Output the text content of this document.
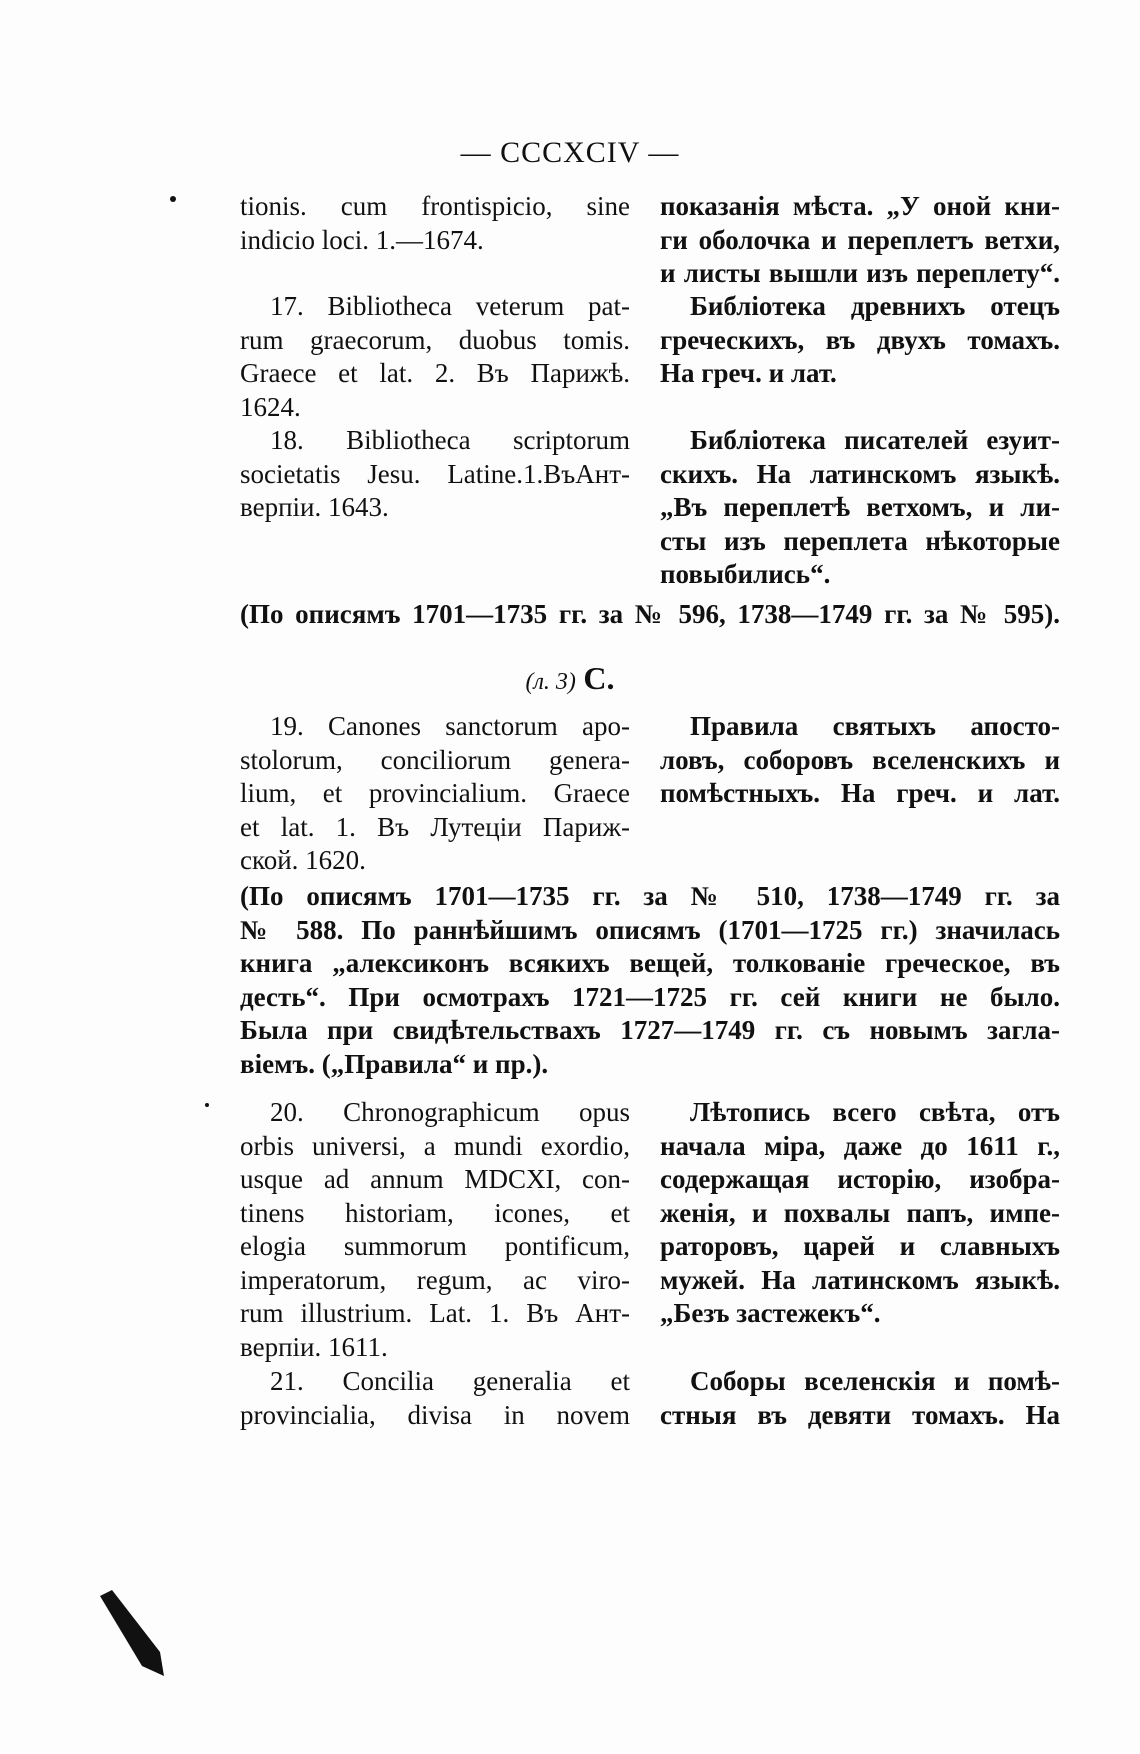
— CCCXCIV —
tionis. cum frontispicio, sine
indicio loci. 1.—1674.
показанія мѣста. „У оной кни-
ги оболочка и переплетъ ветхи,
и листы вышли изъ переплету“.
17. Bibliotheca veterum pat-
rum graecorum, duobus tomis.
Graece et lat. 2. Въ Парижѣ.
1624.
Библіотека древнихъ отецъ
греческихъ, въ двухъ томахъ.
На греч. и лат.
18. Bibliotheca scriptorum
societatis Jesu. Latine.1.ВъАнт-
верпіи. 1643.
Библіотека писателей езуит-
скихъ. На латинскомъ языкѣ.
„Въ переплетѣ ветхомъ, и ли-
сты изъ переплета нѣкоторые
повыбились“.
(По описямъ 1701—1735 гг. за № 596, 1738—1749 гг. за № 595).
(л. 3) C.
19. Canones sanctorum apo-
stolorum, conciliorum genera-
lium, et provincialium. Graece
et lat. 1. Въ Лутеціи Париж-
ской. 1620.
Правила святыхъ апосто-
ловъ, соборовъ вселенскихъ и
помѣстныхъ. На греч. и лат.
(По описямъ 1701—1735 гг. за № 510, 1738—1749 гг. за
№ 588. По раннѣйшимъ описямъ (1701—1725 гг.) значилась
книга „алексиконъ всякихъ вещей, толкованіе греческое, въ
десть“. При осмотрахъ 1721—1725 гг. сей книги не было.
Была при свидѣтельствахъ 1727—1749 гг. съ новымъ загла-
віемъ. („Правила“ и пр.).
20. Chronographicum opus
orbis universi, a mundi exordio,
usque ad annum MDCXI, con-
tinens historiam, icones, et
elogia summorum pontificum,
imperatorum, regum, ac viro-
rum illustrium. Lat. 1. Въ Ант-
верпіи. 1611.
Лѣтопись всего свѣта, отъ
начала міра, даже до 1611 г.,
содержащая исторію, изобра-
женія, и похвалы папъ, импе-
раторовъ, царей и славныхъ
мужей. На латинскомъ языкѣ.
„Безъ застежекъ“.
21. Concilia generalia et
provincialia, divisa in novem
Соборы вселенскія и помѣ-
стныя въ девяти томахъ. На
